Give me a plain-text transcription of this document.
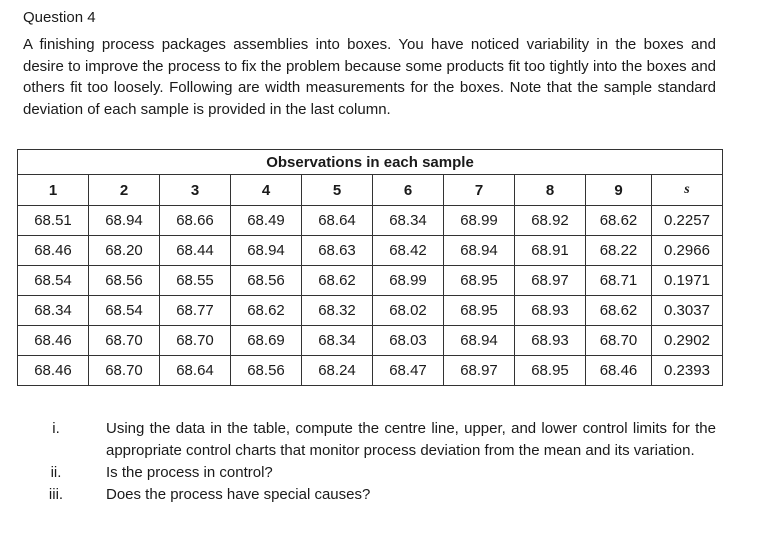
Question 4
A finishing process packages assemblies into boxes. You have noticed variability in the boxes and desire to improve the process to fix the problem because some products fit too tightly into the boxes and others fit too loosely. Following are width measurements for the boxes. Note that the sample standard deviation of each sample is provided in the last column.
Observations in each sample									
1	2	3	4	5	6	7	8	9	s
68.51	68.94	68.66	68.49	68.64	68.34	68.99	68.92	68.62	0.2257
68.46	68.20	68.44	68.94	68.63	68.42	68.94	68.91	68.22	0.2966
68.54	68.56	68.55	68.56	68.62	68.99	68.95	68.97	68.71	0.1971
68.34	68.54	68.77	68.62	68.32	68.02	68.95	68.93	68.62	0.3037
68.46	68.70	68.70	68.69	68.34	68.03	68.94	68.93	68.70	0.2902
68.46	68.70	68.64	68.56	68.24	68.47	68.97	68.95	68.46	0.2393
i.	Using the data in the table, compute the centre line, upper, and lower control limits for the appropriate control charts that monitor process deviation from the mean and its variation.
ii.	Is the process in control?
iii.	Does the process have special causes?
